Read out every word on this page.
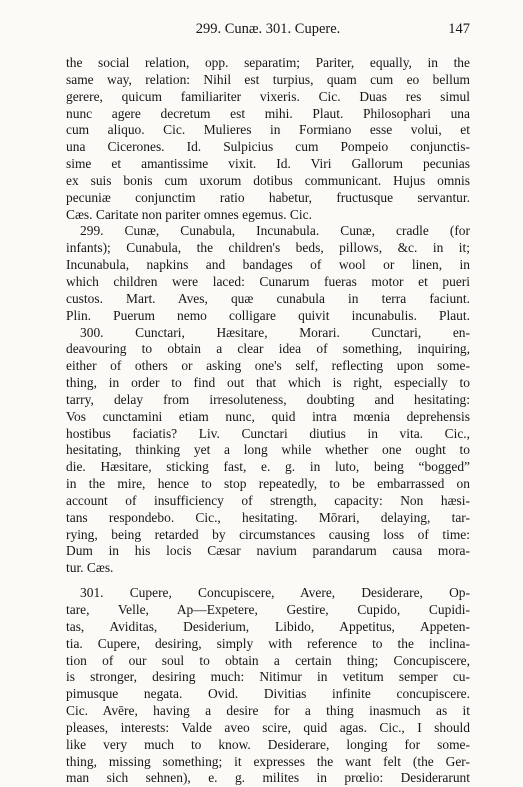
299. Cunæ. 301. Cupere.	147
the social relation, opp. separatim; Pariter, equally, in the
same way, relation: Nihil est turpius, quam cum eo bellum
gerere, quicum familiariter vixeris. Cic. Duas res simul
nunc agere decretum est mihi. Plaut. Philosophari una
cum aliquo. Cic. Mulieres in Formiano esse volui, et
una Cicerones. Id. Sulpicius cum Pompeio conjunctis-
sime et amantissime vixit. Id. Viri Gallorum pecunias
ex suis bonis cum uxorum dotibus communicant. Hujus omnis
pecuniæ conjunctim ratio habetur, fructusque servantur.
Cæs. Caritate non pariter omnes egemus. Cic.
299. Cunæ, Cunabula, Incunabula. Cunæ, cradle (for
infants); Cunabula, the children's beds, pillows, &c. in it;
Incunabula, napkins and bandages of wool or linen, in
which children were laced: Cunarum fueras motor et pueri
custos. Mart. Aves, quæ cunabula in terra faciunt.
Plin. Puerum nemo colligare quivit incunabulis. Plaut.
300. Cunctari, Hæsitare, Morari. Cunctari, en-
deavouring to obtain a clear idea of something, inquiring,
either of others or asking one's self, reflecting upon some-
thing, in order to find out that which is right, especially to
tarry, delay from irresoluteness, doubting and hesitating:
Vos cunctamini etiam nunc, quid intra mœnia deprehensis
hostibus faciatis? Liv. Cunctari diutius in vita. Cic.,
hesitating, thinking yet a long while whether one ought to
die. Hæsitare, sticking fast, e. g. in luto, being “bogged”
in the mire, hence to stop repeatedly, to be embarrassed on
account of insufficiency of strength, capacity: Non hæsi-
tans respondebo. Cic., hesitating. Mōrari, delaying, tar-
rying, being retarded by circumstances causing loss of time:
Dum in his locis Cæsar navium parandarum causa mora-
tur. Cæs.
301. Cupere, Concupiscere, Avere, Desiderare, Op-
tare, Velle, Ap—Expetere, Gestire, Cupido, Cupidi-
tas, Aviditas, Desiderium, Libido, Appetitus, Appeten-
tia. Cupere, desiring, simply with reference to the inclina-
tion of our soul to obtain a certain thing; Concupiscere,
is stronger, desiring much: Nitimur in vetitum semper cu-
pimusque negata. Ovid. Divitias infinite concupiscere.
Cic. Avēre, having a desire for a thing inasmuch as it
pleases, interests: Valde aveo scire, quid agas. Cic., I should
like very much to know. Desiderare, longing for some-
thing, missing something; it expresses the want felt (the Ger-
man sich sehnen), e. g. milites in prœlio: Desiderarunt
